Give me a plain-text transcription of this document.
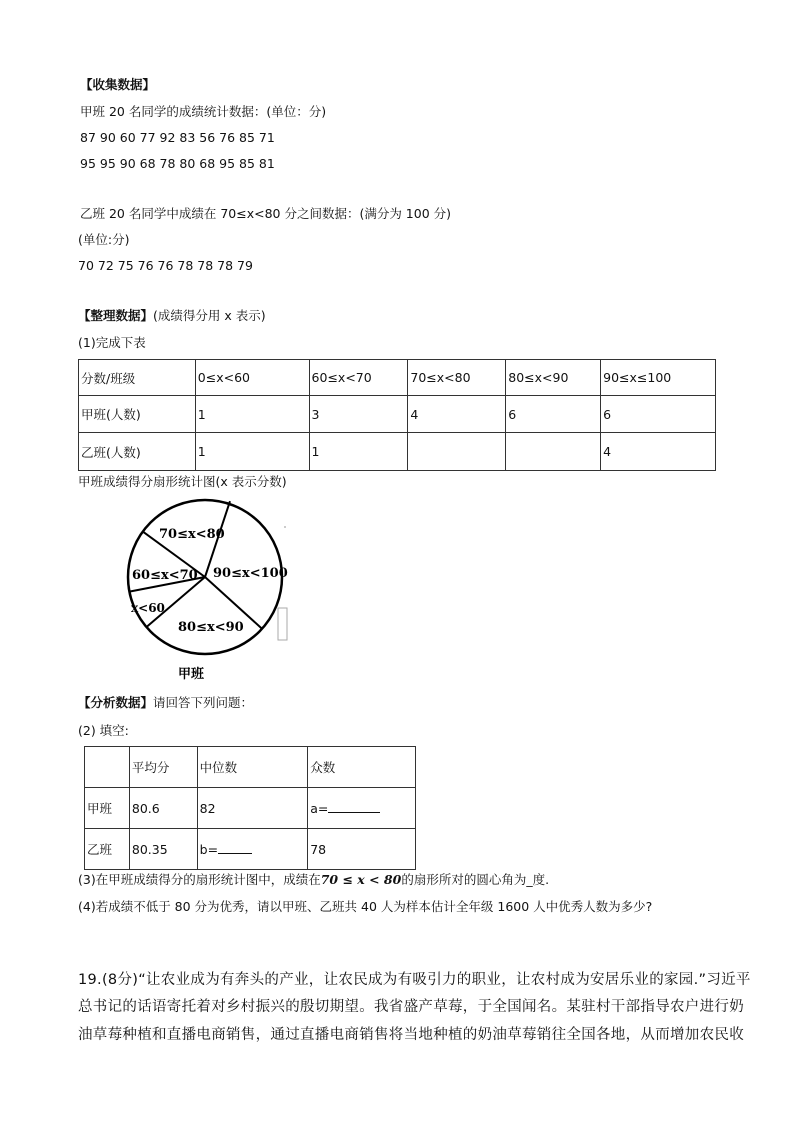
【收集数据】
甲班 20 名同学的成绩统计数据：(单位：分)
87 90 60 77 92 83 56 76 85 71
95 95 90 68 78 80 68 95 85 81
乙班 20 名同学中成绩在 70≤x<80 分之间数据：(满分为 100 分)
(单位:分)
70 72 75 76 76 78 78 78 79
【整理数据】(成绩得分用 x 表示)
(1)完成下表
分数/班级	0≤x<60	60≤x<70	70≤x<80	80≤x<90	90≤x≤100
甲班(人数)	1	3	4	6	6
乙班(人数)	1	1			4
甲班成绩得分扇形统计图(x 表示分数)
70≤x<80
90≤x<100
60≤x<70
x<60
80≤x<90
甲班
【分析数据】请回答下列问题：
(2) 填空:
	平均分	中位数	众数
甲班	80.6	82	a=
乙班	80.35	b=	78
(3)在甲班成绩得分的扇形统计图中，成绩在70 ≤ x < 80的扇形所对的圆心角为_度.
(4)若成绩不低于 80 分为优秀，请以甲班、乙班共 40 人为样本估计全年级 1600 人中优秀人数为多少?
19.(8分)“让农业成为有奔头的产业，让农民成为有吸引力的职业，让农村成为安居乐业的家园.”习近平
总书记的话语寄托着对乡村振兴的殷切期望。我省盛产草莓，于全国闻名。某驻村干部指导农户进行奶
油草莓种植和直播电商销售，通过直播电商销售将当地种植的奶油草莓销往全国各地，从而增加农民收
